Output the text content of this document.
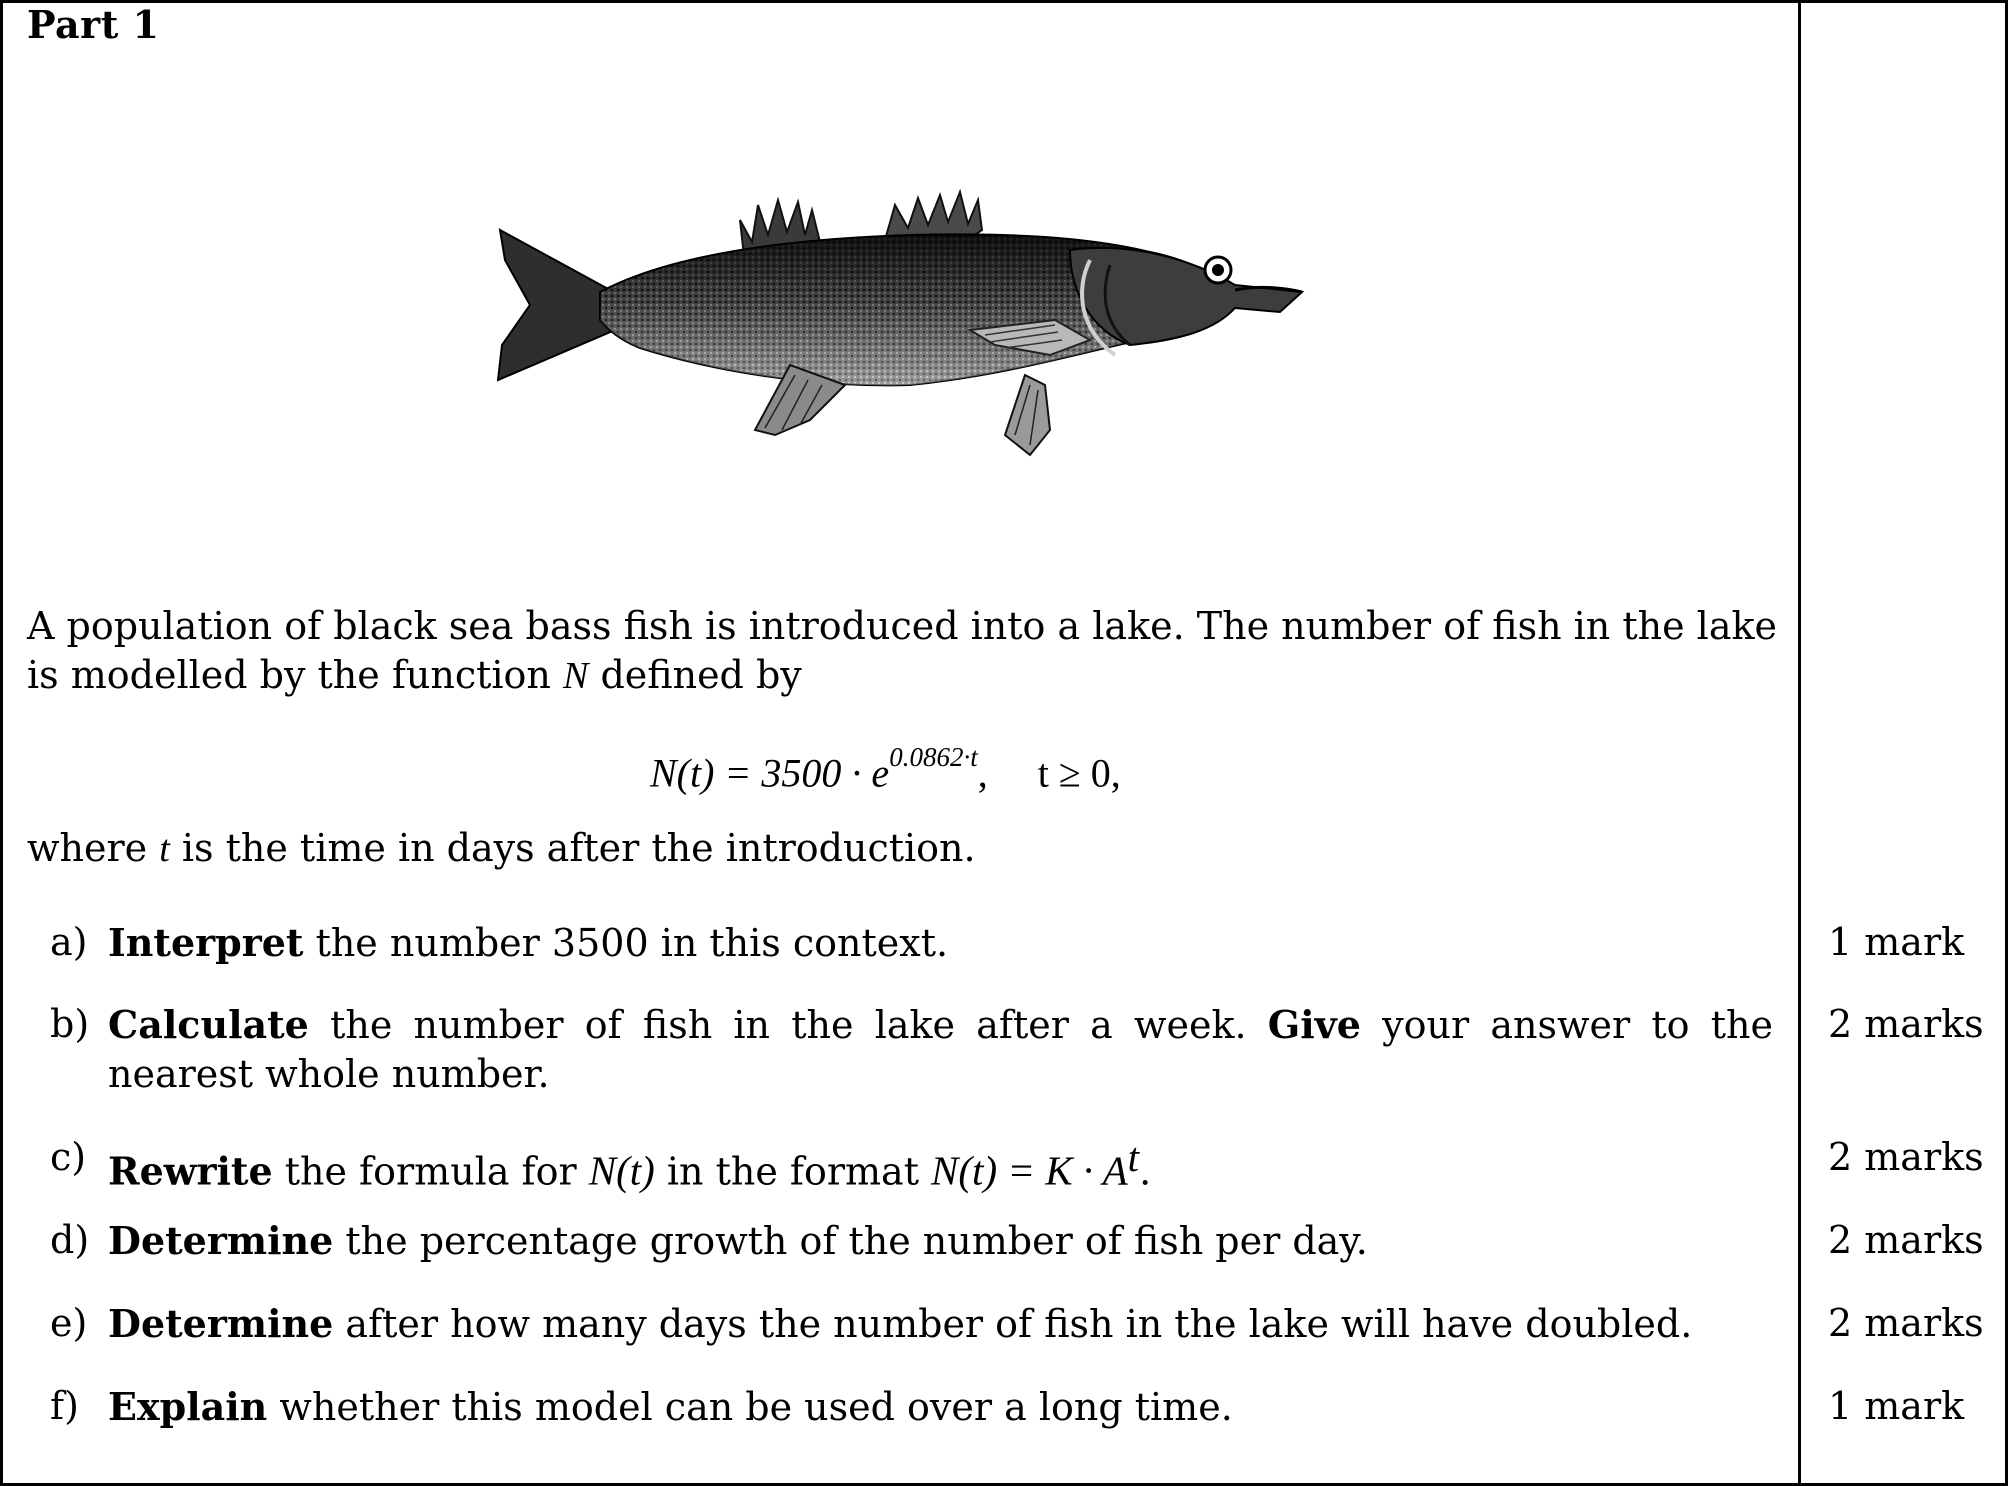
Part 1
A population of black sea bass fish is introduced into a lake. The number of fish in the lake is modelled by the function N defined by
$N(t) = 3500 \cdot e^{0.0862\cdot t}$,     t ≥ 0,
where t is the time in days after the introduction.
a) Interpret the number 3500 in this context.	1 mark
b) Calculate the number of fish in the lake after a week. Give your answer to the nearest whole number.
2 marks
c) Rewrite the formula for N(t) in the format $N(t) = K \cdot A^t$.	2 marks
d) Determine the percentage growth of the number of fish per day.	2 marks
e) Determine after how many days the number of fish in the lake will have doubled.	2 marks
f) Explain whether this model can be used over a long time.	1 mark
